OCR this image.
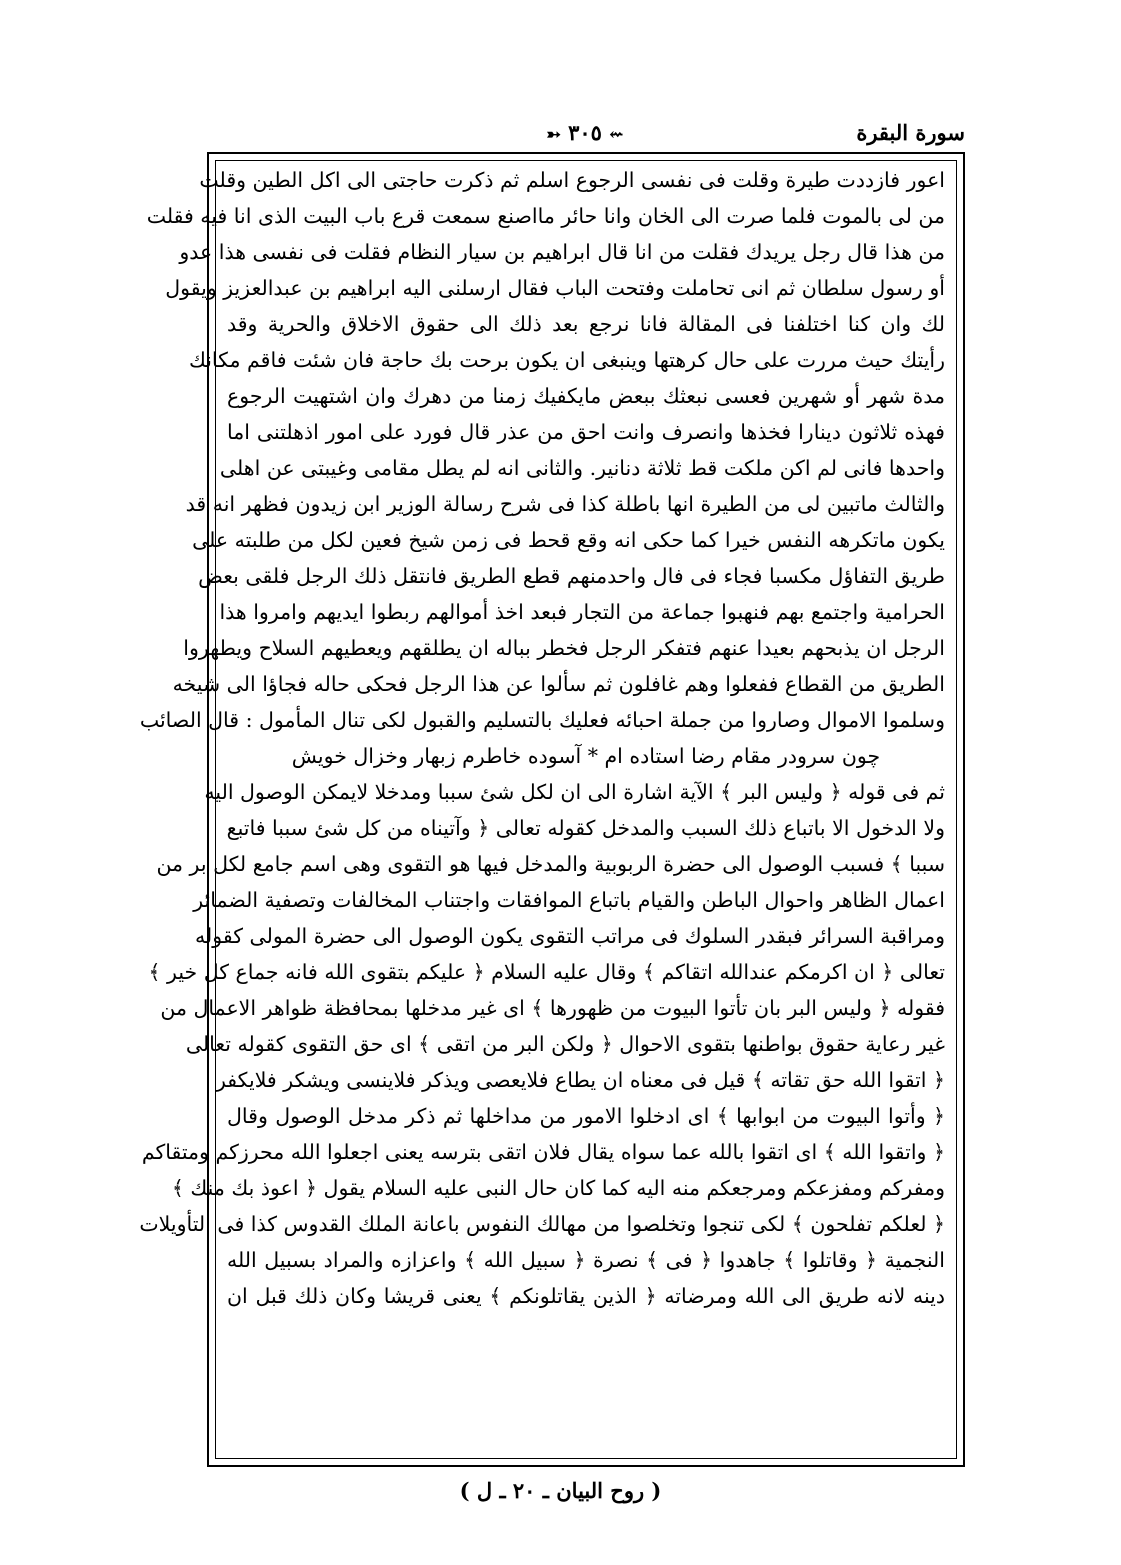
سورة البقرة
➳ ٣٠٥ ⇜
اعور فازددت طيرة وقلت فى نفسى الرجوع اسلم ثم ذكرت حاجتى الى اكل الطين وقلت
من لى بالموت فلما صرت الى الخان وانا حائر مااصنع سمعت قرع باب البيت الذى انا فيه فقلت
من هذا قال رجل يريدك فقلت من انا قال ابراهيم بن سيار النظام فقلت فى نفسى هذا عدو
أو رسول سلطان ثم انى تحاملت وفتحت الباب فقال ارسلنى اليه ابراهيم بن عبدالعزيز ويقول
لك وان كنا اختلفنا فى المقالة فانا نرجع بعد ذلك الى حقوق الاخلاق والحرية وقد
رأيتك حيث مررت على حال كرهتها وينبغى ان يكون برحت بك حاجة فان شئت فاقم مكانك
مدة شهر أو شهرين فعسى نبعثك ببعض مايكفيك زمنا من دهرك وان اشتهيت الرجوع
فهذه ثلاثون دينارا فخذها وانصرف وانت احق من عذر قال فورد على امور اذهلتنى اما
واحدها فانى لم اكن ملكت قط ثلاثة دنانير. والثانى انه لم يطل مقامى وغيبتى عن اهلى
والثالث ماتبين لى من الطيرة انها باطلة كذا فى شرح رسالة الوزير ابن زيدون فظهر انه قد
يكون ماتكرهه النفس خيرا كما حكى انه وقع قحط فى زمن شيخ فعين لكل من طلبته على
طريق التفاؤل مكسبا فجاء فى فال واحدمنهم قطع الطريق فانتقل ذلك الرجل فلقى بعض
الحرامية واجتمع بهم فنهبوا جماعة من التجار فبعد اخذ أموالهم ربطوا ايديهم وامروا هذا
الرجل ان يذبحهم بعيدا عنهم فتفكر الرجل فخطر بباله ان يطلقهم ويعطيهم السلاح ويطهروا
الطريق من القطاع ففعلوا وهم غافلون ثم سألوا عن هذا الرجل فحكى حاله فجاؤا الى شيخه
وسلموا الاموال وصاروا من جملة احبائه فعليك بالتسليم والقبول لكى تنال المأمول : قال الصائب
چون سرودر مقام رضا استاده ام * آسوده خاطرم زبهار وخزال خويش
ثم فى قوله ﴿ وليس البر ﴾ الآية اشارة الى ان لكل شئ سببا ومدخلا لايمكن الوصول اليه
ولا الدخول الا باتباع ذلك السبب والمدخل كقوله تعالى ﴿ وآتيناه من كل شئ سببا فاتبع
سببا ﴾ فسبب الوصول الى حضرة الربوبية والمدخل فيها هو التقوى وهى اسم جامع لكل بر من
اعمال الظاهر واحوال الباطن والقيام باتباع الموافقات واجتناب المخالفات وتصفية الضمائر
ومراقبة السرائر فبقدر السلوك فى مراتب التقوى يكون الوصول الى حضرة المولى كقوله
تعالى ﴿ ان اكرمكم عندالله اتقاكم ﴾ وقال عليه السلام ﴿ عليكم بتقوى الله فانه جماع كل خير ﴾
فقوله ﴿ وليس البر بان تأتوا البيوت من ظهورها ﴾ اى غير مدخلها بمحافظة ظواهر الاعمال من
غير رعاية حقوق بواطنها بتقوى الاحوال ﴿ ولكن البر من اتقى ﴾ اى حق التقوى كقوله تعالى
﴿ اتقوا الله حق تقاته ﴾ قيل فى معناه ان يطاع فلايعصى ويذكر فلاينسى ويشكر فلايكفر
﴿ وأتوا البيوت من ابوابها ﴾ اى ادخلوا الامور من مداخلها ثم ذكر مدخل الوصول وقال
﴿ واتقوا الله ﴾ اى اتقوا بالله عما سواه يقال فلان اتقى بترسه يعنى اجعلوا الله محرزكم ومتقاكم
ومفركم ومفزعكم ومرجعكم منه اليه كما كان حال النبى عليه السلام يقول ﴿ اعوذ بك منك ﴾
﴿ لعلكم تفلحون ﴾ لكى تنجوا وتخلصوا من مهالك النفوس باعانة الملك القدوس كذا فى التأويلات
النجمية ﴿ وقاتلوا ﴾ جاهدوا ﴿ فى ﴾ نصرة ﴿ سبيل الله ﴾ واعزازه والمراد بسبيل الله
دينه لانه طريق الى الله ومرضاته ﴿ الذين يقاتلونكم ﴾ يعنى قريشا وكان ذلك قبل ان
( روح البيان ـ ٢٠ ـ ل )
